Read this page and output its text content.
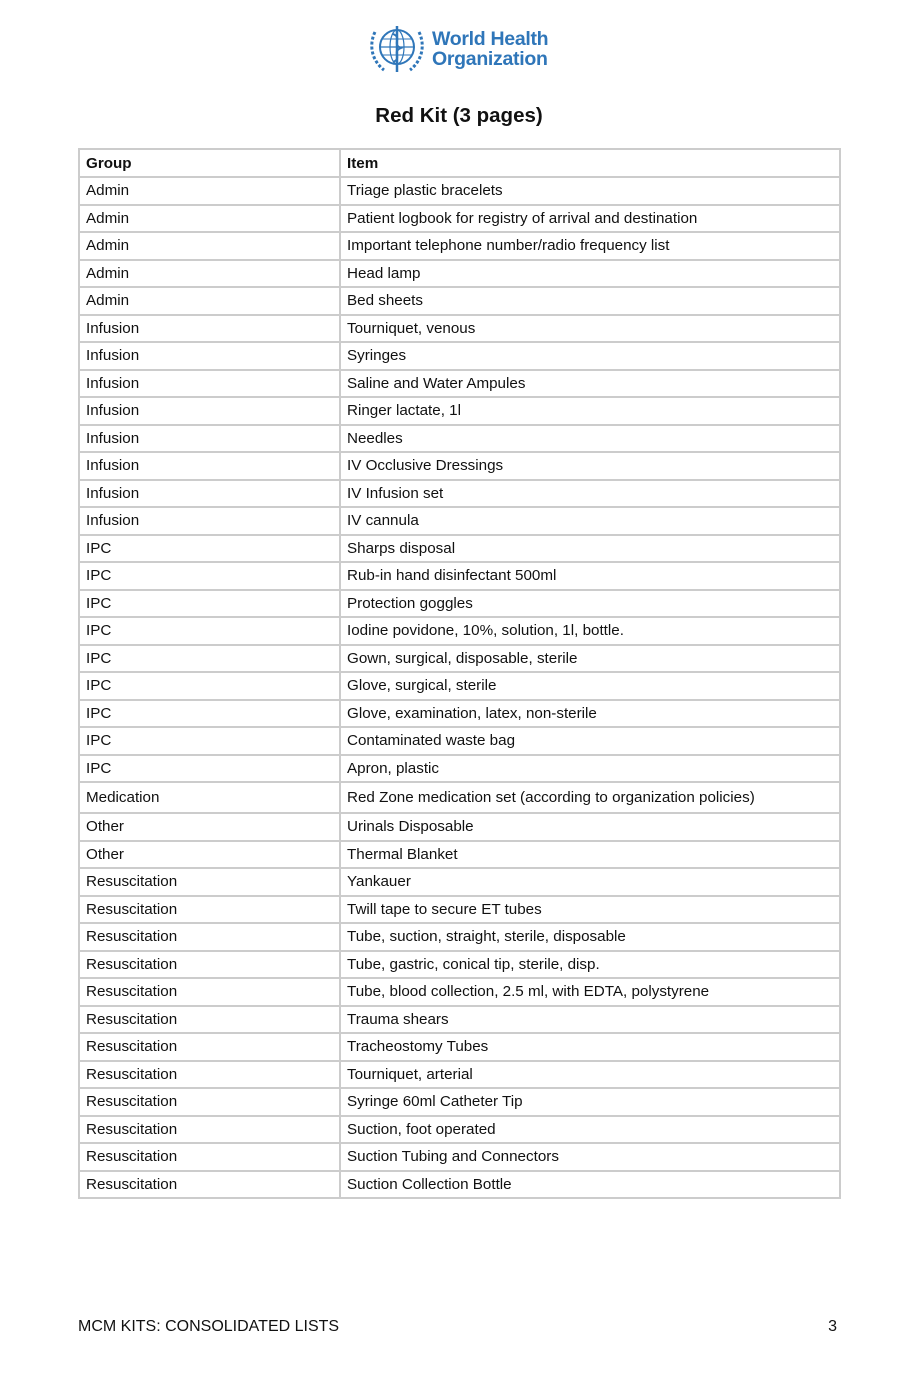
World Health
Organization
Red Kit (3 pages)
Group	Item
Admin	Triage plastic bracelets
Admin	Patient logbook for registry of arrival and destination
Admin	Important telephone number/radio frequency list
Admin	Head lamp
Admin	Bed sheets
Infusion	Tourniquet, venous
Infusion	Syringes
Infusion	Saline and Water Ampules
Infusion	Ringer lactate, 1l
Infusion	Needles
Infusion	IV Occlusive Dressings
Infusion	IV Infusion set
Infusion	IV cannula
IPC	Sharps disposal
IPC	Rub-in hand disinfectant 500ml
IPC	Protection goggles
IPC	Iodine povidone, 10%, solution, 1l, bottle.
IPC	Gown, surgical, disposable, sterile
IPC	Glove, surgical, sterile
IPC	Glove, examination, latex, non-sterile
IPC	Contaminated waste bag
IPC	Apron, plastic
Medication	Red Zone medication set (according to organization policies)
Other	Urinals Disposable
Other	Thermal Blanket
Resuscitation	Yankauer
Resuscitation	Twill tape to secure ET tubes
Resuscitation	Tube, suction, straight, sterile, disposable
Resuscitation	Tube, gastric, conical tip, sterile, disp.
Resuscitation	Tube, blood collection, 2.5 ml, with EDTA, polystyrene
Resuscitation	Trauma shears
Resuscitation	Tracheostomy Tubes
Resuscitation	Tourniquet, arterial
Resuscitation	Syringe 60ml Catheter Tip
Resuscitation	Suction, foot operated
Resuscitation	Suction Tubing and Connectors
Resuscitation	Suction Collection Bottle
MCM KITS: CONSOLIDATED LISTS	3
